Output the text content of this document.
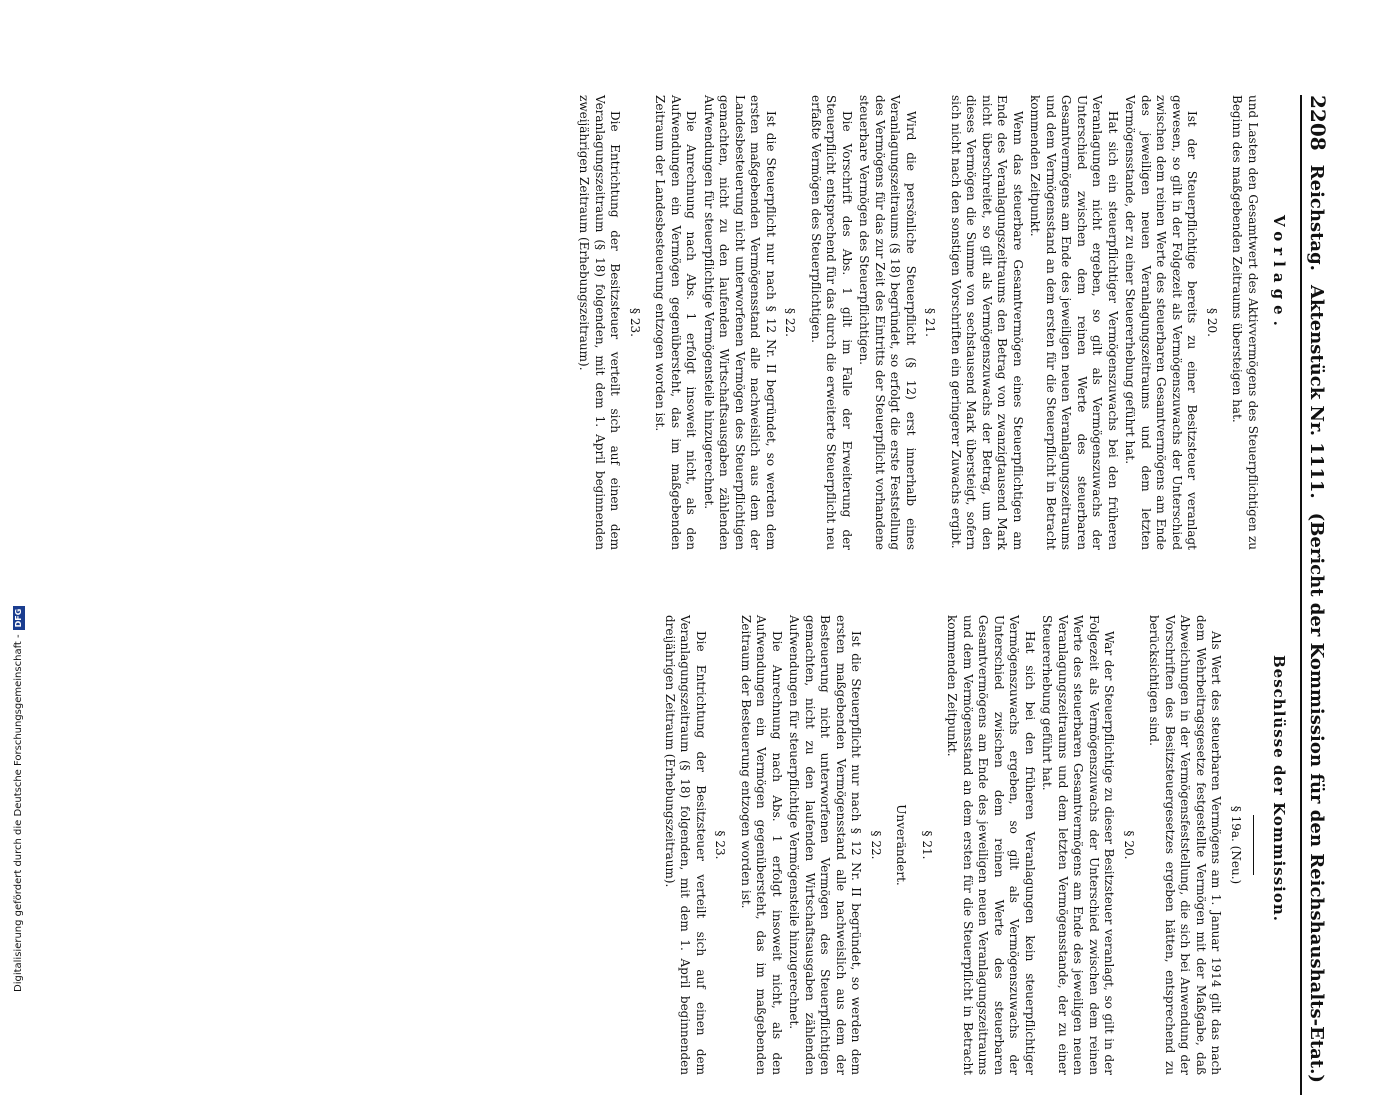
Digitalisierung gefördert durch die Deutsche Forschungsgemeinschaft -
DFG
2208
Reichstag.
Aktenstück Nr. 1111.
(Bericht der Kommission für den Reichshaushalts-Etat.)
Vorlage.

und Lasten den Gesamtwert des Aktivvermögens des Steuerpflichtigen zu Beginn des maßgebenden Zeitraums übersteigen hat.

§ 20.

Ist der Steuerpflichtige bereits zu einer Besitzsteuer veranlagt gewesen, so gilt in der Folgezeit als Vermögenszuwachs der Unterschied zwischen dem reinen Werte des steuerbaren Gesamtvermögens am Ende des jeweiligen neuen Veranlagungszeitraums und dem letzten Vermögensstande, der zu einer Steuererhebung geführt hat.

Hat sich ein steuerpflichtiger Vermögenszuwachs bei den früheren Veranlagungen nicht ergeben, so gilt als Vermögenszuwachs der Unterschied zwischen dem reinen Werte des steuerbaren Gesamtvermögens am Ende des jeweiligen neuen Veranlagungszeitraums und dem Vermögensstand an dem ersten für die Steuerpflicht in Betracht kommenden Zeitpunkt.

Wenn das steuerbare Gesamtvermögen eines Steuerpflichtigen am Ende des Veranlagungszeitraums den Betrag von zwanzigtausend Mark nicht überschreitet, so gilt als Vermögenszuwachs der Betrag, um den dieses Vermögen die Summe von sechstausend Mark übersteigt, sofern sich nicht nach den sonstigen Vorschriften ein geringerer Zuwachs ergibt.

§ 21.

Wird die persönliche Steuerpflicht (§ 12) erst innerhalb eines Veranlagungszeitraums (§ 18) begründet, so erfolgt die erste Feststellung des Vermögens für das zur Zeit des Eintritts der Steuerpflicht vorhandene steuerbare Vermögen des Steuerpflichtigen.

Die Vorschrift des Abs. 1 gilt im Falle der Erweiterung der Steuerpflicht entsprechend für das durch die erweiterte Steuerpflicht neu erfaßte Vermögen des Steuerpflichtigen.

§ 22.

Ist die Steuerpflicht nur nach § 12 Nr. II begründet, so werden dem ersten maßgebenden Vermögensstand alle nachweislich aus dem der Landesbesteuerung nicht unterworfenen Vermögen des Steuerpflichtigen gemachten, nicht zu den laufenden Wirtschaftsausgaben zählenden Aufwendungen für steuerpflichtige Vermögensteile hinzugerechnet.

Die Anrechnung nach Abs. 1 erfolgt insoweit nicht, als den Aufwendungen ein Vermögen gegenübersteht, das im maßgebenden Zeitraum der Landesbesteuerung entzogen worden ist.

§ 23.

Die Entrichtung der Besitzsteuer verteilt sich auf einen dem Veranlagungszeitraum (§ 18) folgenden, mit dem 1. April beginnenden zweijährigen Zeitraum (Erhebungszeitraum).

Beschlüsse der Kommission.
§ 19a. (Neu.)

Als Wert des steuerbaren Vermögens am 1. Januar 1914 gilt das nach dem Wehrbeitragsgesetze festgestellte Vermögen mit der Maßgabe, daß Abweichungen in der Vermögensfeststellung, die sich bei Anwendung der Vorschriften des Besitzsteuergesetzes ergeben hätten, entsprechend zu berücksichtigen sind.

§ 20.

War der Steuerpflichtige zu dieser Besitzsteuer veranlagt, so gilt in der Folgezeit als Vermögenszuwachs der Unterschied zwischen dem reinen Werte des steuerbaren Gesamtvermögens am Ende des jeweiligen neuen Veranlagungszeitraums und dem letzten Vermögensstande, der zu einer Steuererhebung geführt hat.

Hat sich bei den früheren Veranlagungen kein steuerpflichtiger Vermögenszuwachs ergeben, so gilt als Vermögenszuwachs der Unterschied zwischen dem reinen Werte des steuerbaren Gesamtvermögens am Ende des jeweiligen neuen Veranlagungszeitraums und dem Vermögensstand an dem ersten für die Steuerpflicht in Betracht kommenden Zeitpunkt.

§ 21.
Unverändert.
§ 22.

Ist die Steuerpflicht nur nach § 12 Nr. II begründet, so werden dem ersten maßgebenden Vermögensstand alle nachweislich aus dem der Besteuerung nicht unterworfenen Vermögen des Steuerpflichtigen gemachten, nicht zu den laufenden Wirtschaftsausgaben zählenden Aufwendungen für steuerpflichtige Vermögensteile hinzugerechnet.

Die Anrechnung nach Abs. 1 erfolgt insoweit nicht, als den Aufwendungen ein Vermögen gegenübersteht, das im maßgebenden Zeitraum der Besteuerung entzogen worden ist.

§ 23.

Die Entrichtung der Besitzsteuer verteilt sich auf einen dem Veranlagungszeitraum (§ 18) folgenden, mit dem 1. April beginnenden dreijährigen Zeitraum (Erhebungszeitraum).
